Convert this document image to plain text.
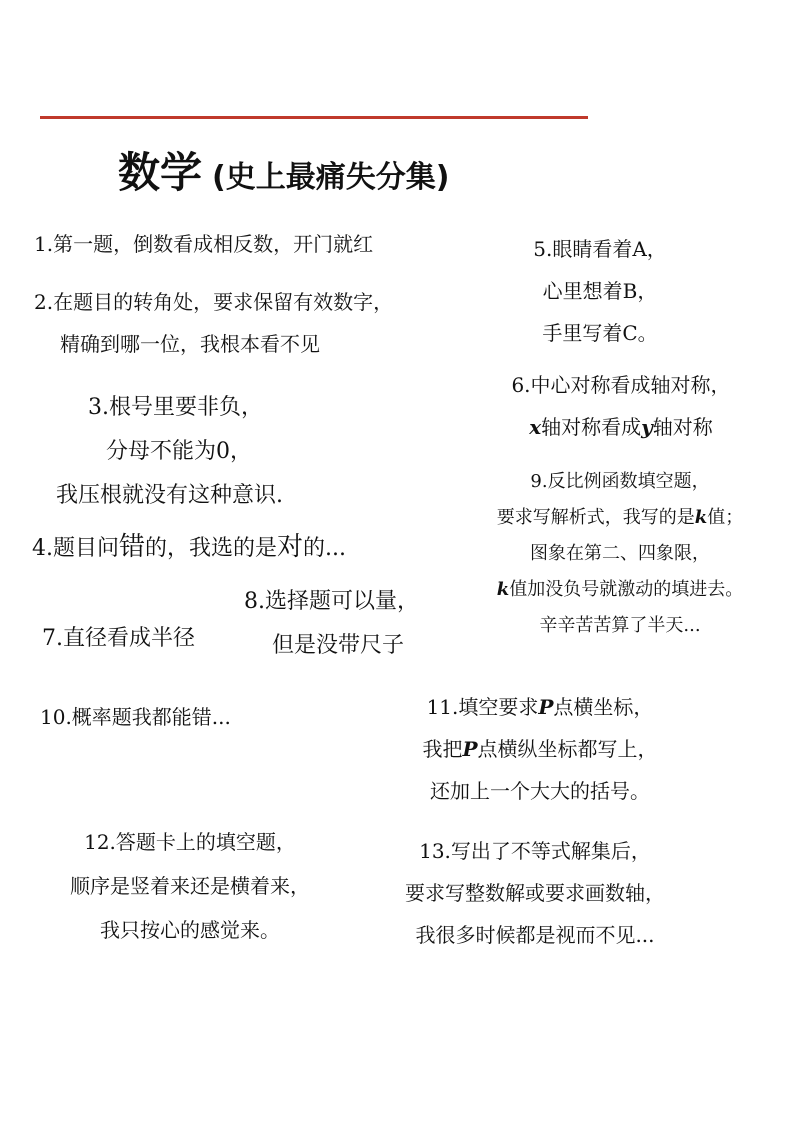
数学 (史上最痛失分集)
1.第一题，倒数看成相反数，开门就红
2.在题目的转角处，要求保留有效数字，
精确到哪一位，我根本看不见
3.根号里要非负，
分母不能为0，
我压根就没有这种意识.
4.题目问错的，我选的是对的...
5.眼睛看着A，
心里想着B，
手里写着C。
6.中心对称看成轴对称，
x轴对称看成y轴对称
9.反比例函数填空题，
要求写解析式，我写的是k值；
图象在第二、四象限，
k值加没负号就激动的填进去。
辛辛苦苦算了半天...
8.选择题可以量，
但是没带尺子
7.直径看成半径
10.概率题我都能错...	11.填空要求P点横坐标，
我把P点横纵坐标都写上，
还加上一个大大的括号。
12.答题卡上的填空题，
顺序是竖着来还是横着来，
我只按心的感觉来。
13.写出了不等式解集后，
要求写整数解或要求画数轴，
我很多时候都是视而不见...
